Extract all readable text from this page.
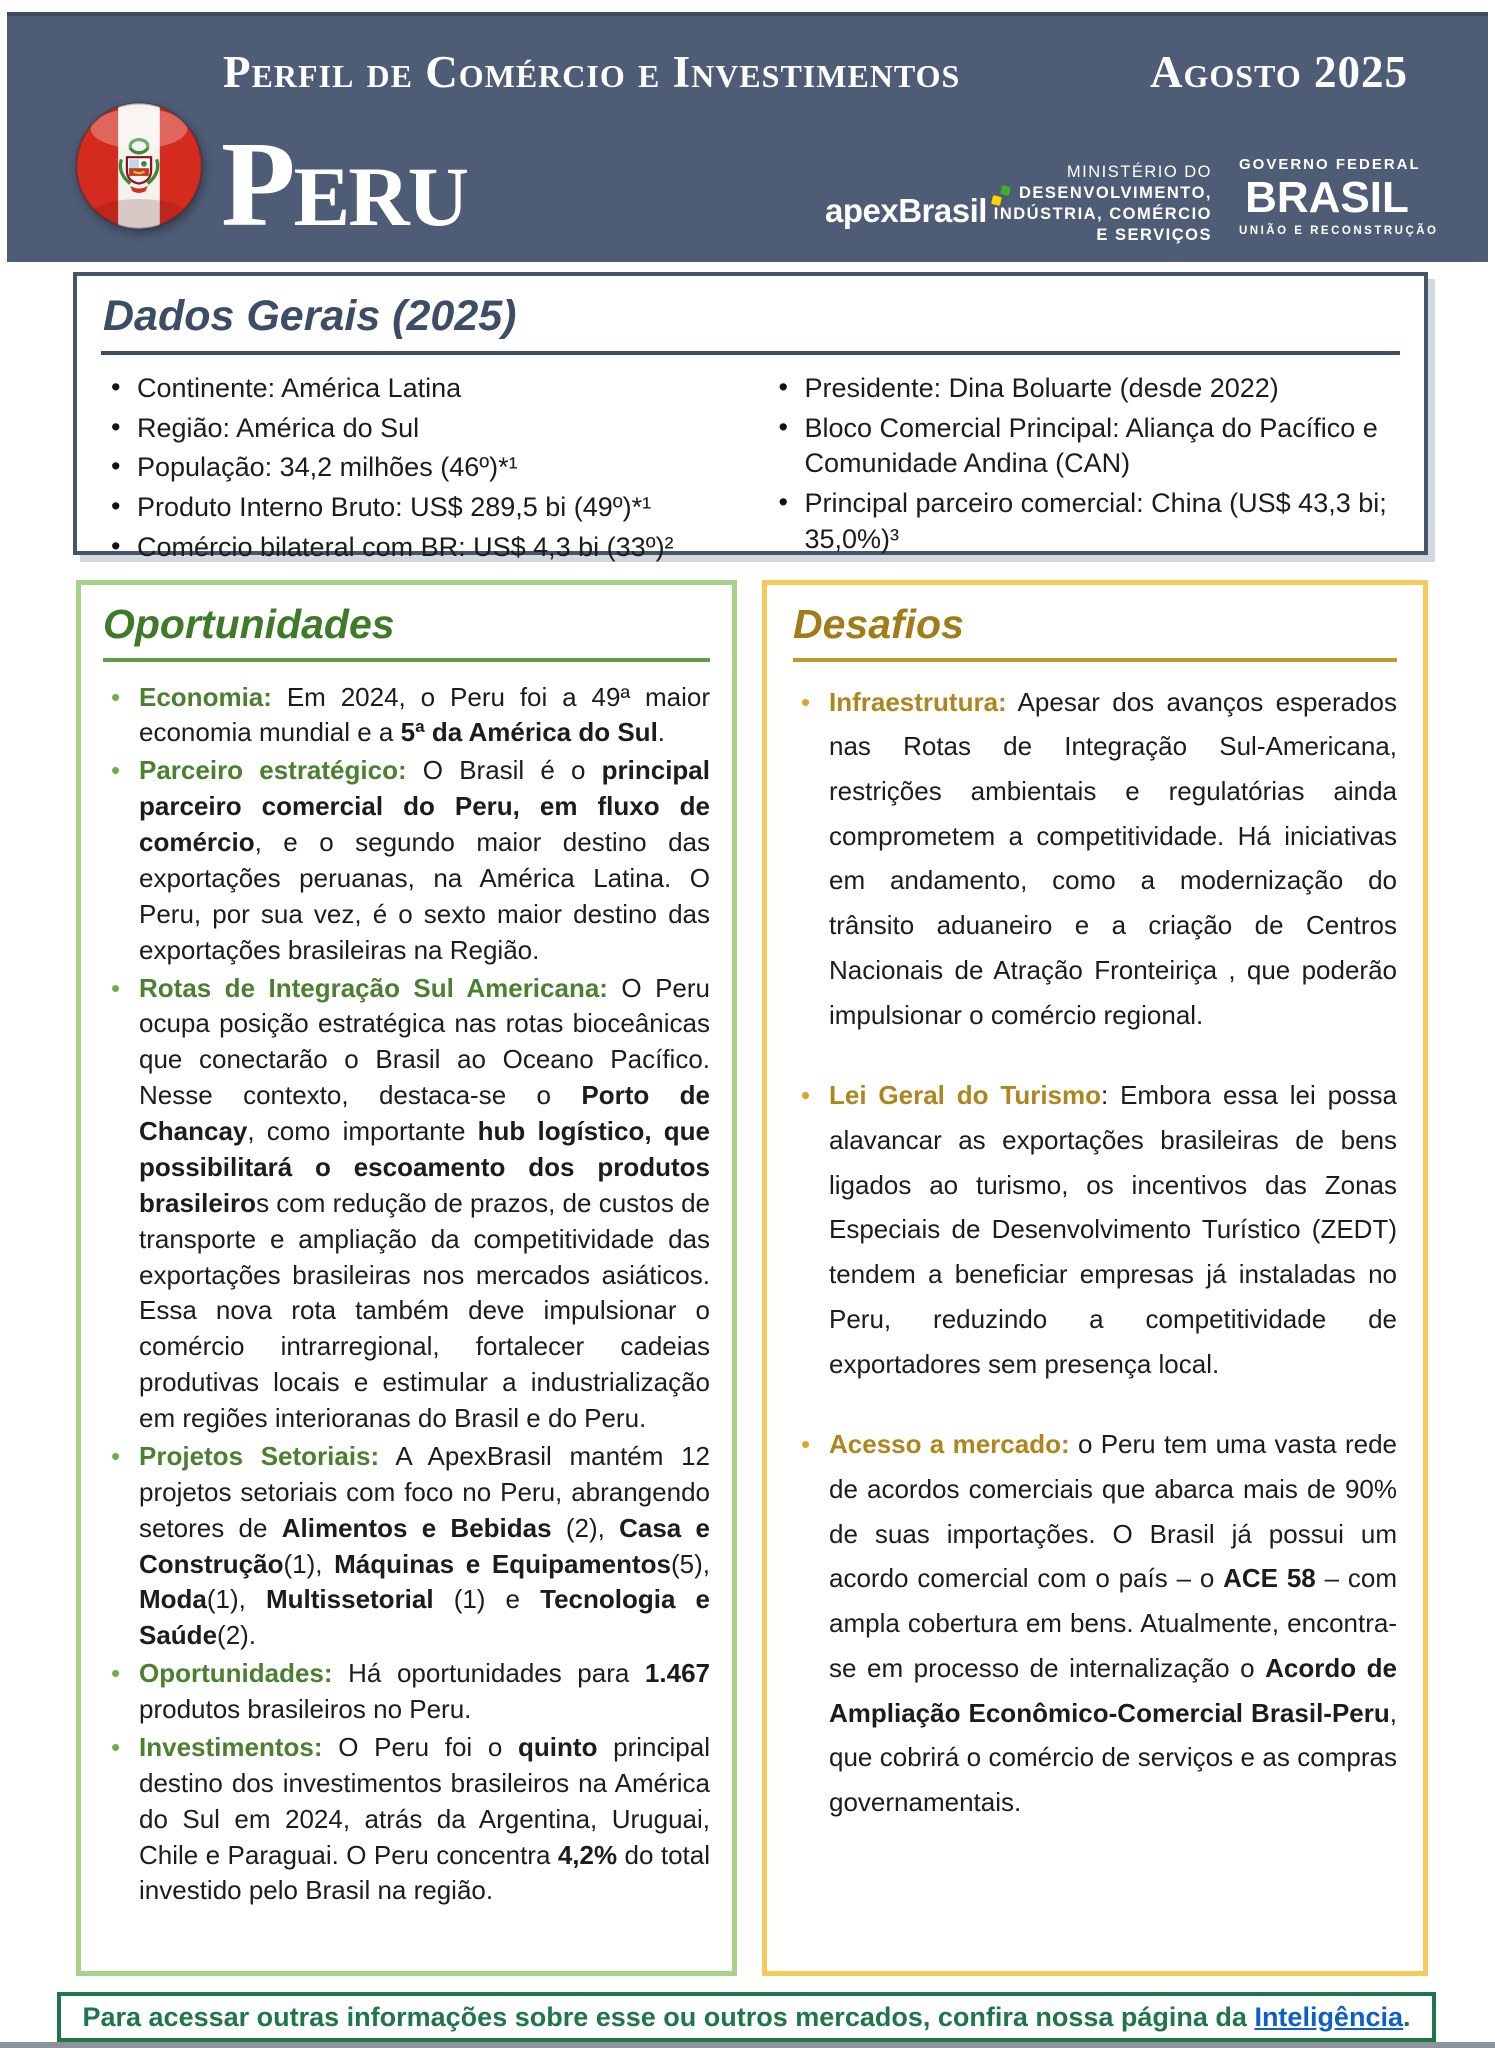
Perfil de Comércio e Investimentos	Agosto 2025
Peru	apexBrasil
MINISTÉRIO DO
DESENVOLVIMENTO,
INDÚSTRIA, COMÉRCIO
E SERVIÇOS
GOVERNO FEDERAL
BRASIL
UNIÃO E RECONSTRUÇÃO
Dados Gerais (2025)
• Continente: América Latina
• Região: América do Sul
• População: 34,2 milhões (46º)*¹
• Produto Interno Bruto: US$ 289,5 bi (49º)*¹
• Comércio bilateral com BR: US$ 4,3 bi (33º)²
• Presidente: Dina Boluarte (desde 2022)
• Bloco Comercial Principal: Aliança do Pacífico e Comunidade Andina (CAN)
• Principal parceiro comercial: China (US$ 43,3 bi; 35,0%)³
Oportunidades
• Economia: Em 2024, o Peru foi a 49ª maior economia mundial e a 5ª da América do Sul.
• Parceiro estratégico: O Brasil é o principal parceiro comercial do Peru, em fluxo de comércio, e o segundo maior destino das exportações peruanas, na América Latina. O Peru, por sua vez, é o sexto maior destino das exportações brasileiras na Região.
• Rotas de Integração Sul Americana: O Peru ocupa posição estratégica nas rotas bioceânicas que conectarão o Brasil ao Oceano Pacífico. Nesse contexto, destaca-se o Porto de Chancay, como importante hub logístico, que possibilitará o escoamento dos produtos brasileiros com redução de prazos, de custos de transporte e ampliação da competitividade das exportações brasileiras nos mercados asiáticos. Essa nova rota também deve impulsionar o comércio intrarregional, fortalecer cadeias produtivas locais e estimular a industrialização em regiões interioranas do Brasil e do Peru.
• Projetos Setoriais: A ApexBrasil mantém 12 projetos setoriais com foco no Peru, abrangendo setores de Alimentos e Bebidas (2), Casa e Construção(1), Máquinas e Equipamentos(5), Moda(1), Multissetorial (1) e Tecnologia e Saúde(2).
• Oportunidades: Há oportunidades para 1.467 produtos brasileiros no Peru.
• Investimentos: O Peru foi o quinto principal destino dos investimentos brasileiros na América do Sul em 2024, atrás da Argentina, Uruguai, Chile e Paraguai. O Peru concentra 4,2% do total investido pelo Brasil na região.
Desafios
• Infraestrutura: Apesar dos avanços esperados nas Rotas de Integração Sul-Americana, restrições ambientais e regulatórias ainda comprometem a competitividade. Há iniciativas em andamento, como a modernização do trânsito aduaneiro e a criação de Centros Nacionais de Atração Fronteiriça , que poderão impulsionar o comércio regional.
• Lei Geral do Turismo: Embora essa lei possa alavancar as exportações brasileiras de bens ligados ao turismo, os incentivos das Zonas Especiais de Desenvolvimento Turístico (ZEDT) tendem a beneficiar empresas já instaladas no Peru, reduzindo a competitividade de exportadores sem presença local.
• Acesso a mercado: o Peru tem uma vasta rede de acordos comerciais que abarca mais de 90% de suas importações. O Brasil já possui um acordo comercial com o país – o ACE 58 – com ampla cobertura em bens. Atualmente, encontra-se em processo de internalização o Acordo de Ampliação Econômico-Comercial Brasil-Peru, que cobrirá o comércio de serviços e as compras governamentais.
Para acessar outras informações sobre esse ou outros mercados, confira nossa página da Inteligência .
